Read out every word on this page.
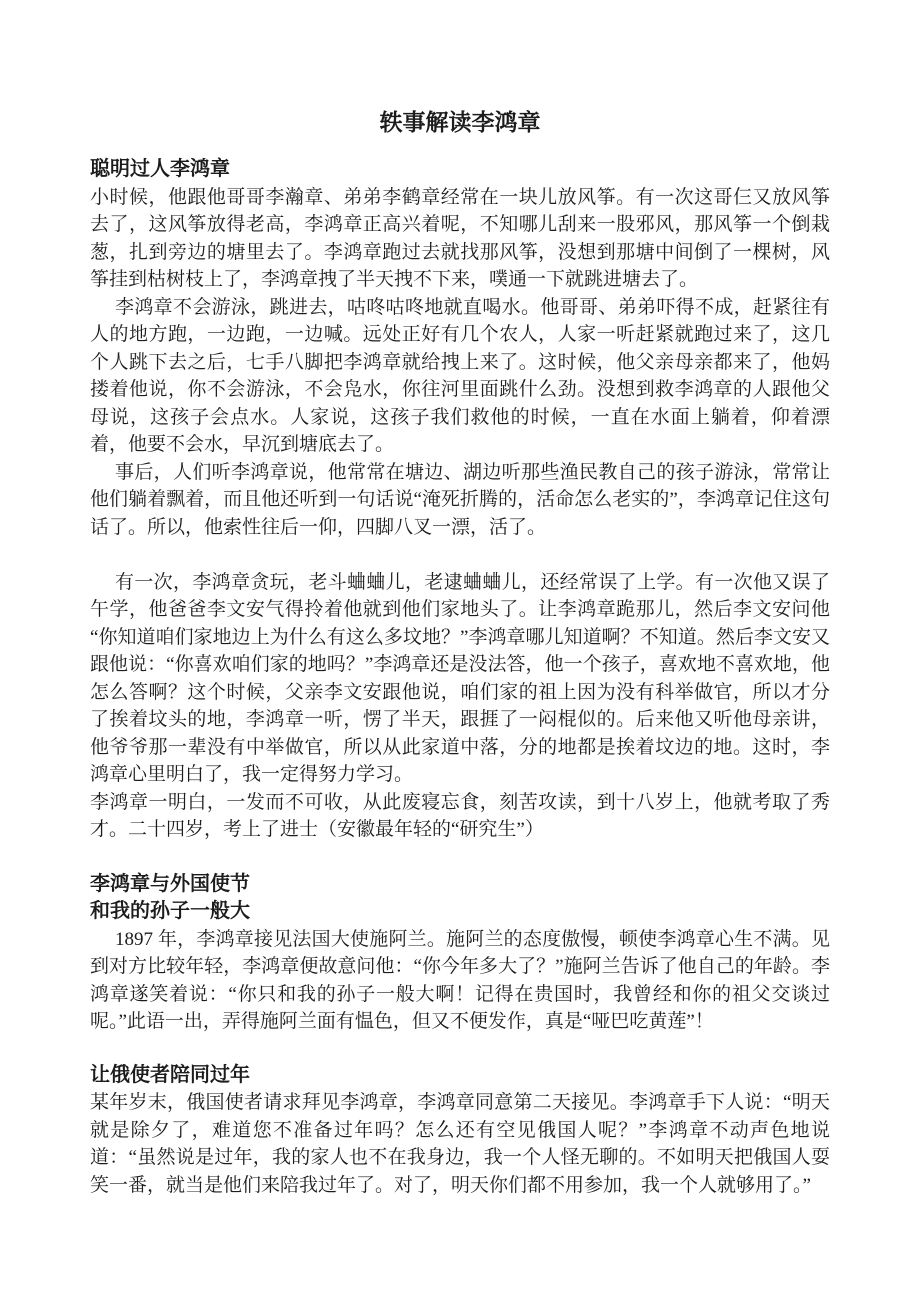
轶事解读李鸿章
聪明过人李鸿章

小时候，他跟他哥哥李瀚章、弟弟李鹤章经常在一块儿放风筝。有一次这哥仨又放风筝去了，这风筝放得老高，李鸿章正高兴着呢，不知哪儿刮来一股邪风，那风筝一个倒栽葱，扎到旁边的塘里去了。李鸿章跑过去就找那风筝，没想到那塘中间倒了一棵树，风筝挂到枯树枝上了，李鸿章拽了半天拽不下来，噗通一下就跳进塘去了。

李鸿章不会游泳，跳进去，咕咚咕咚地就直喝水。他哥哥、弟弟吓得不成，赶紧往有人的地方跑，一边跑，一边喊。远处正好有几个农人，人家一听赶紧就跑过来了，这几个人跳下去之后，七手八脚把李鸿章就给拽上来了。这时候，他父亲母亲都来了，他妈搂着他说，你不会游泳，不会凫水，你往河里面跳什么劲。没想到救李鸿章的人跟他父母说，这孩子会点水。人家说，这孩子我们救他的时候，一直在水面上躺着，仰着漂着，他要不会水，早沉到塘底去了。

事后，人们听李鸿章说，他常常在塘边、湖边听那些渔民教自己的孩子游泳，常常让他们躺着飘着，而且他还听到一句话说“淹死折腾的，活命怎么老实的”，李鸿章记住这句话了。所以，他索性往后一仰，四脚八叉一漂，活了。

有一次，李鸿章贪玩，老斗蛐蛐儿，老逮蛐蛐儿，还经常误了上学。有一次他又误了午学，他爸爸李文安气得拎着他就到他们家地头了。让李鸿章跪那儿，然后李文安问他 “你知道咱们家地边上为什么有这么多坟地？”李鸿章哪儿知道啊？不知道。然后李文安又跟他说：“你喜欢咱们家的地吗？”李鸿章还是没法答，他一个孩子，喜欢地不喜欢地，他怎么答啊？这个时候，父亲李文安跟他说，咱们家的祖上因为没有科举做官，所以才分了挨着坟头的地，李鸿章一听，愣了半天，跟捱了一闷棍似的。后来他又听他母亲讲，他爷爷那一辈没有中举做官，所以从此家道中落，分的地都是挨着坟边的地。这时，李鸿章心里明白了，我一定得努力学习。

李鸿章一明白，一发而不可收，从此废寝忘食，刻苦攻读，到十八岁上，他就考取了秀才。二十四岁，考上了进士（安徽最年轻的“研究生”）

李鸿章与外国使节
和我的孙子一般大

1897 年，李鸿章接见法国大使施阿兰。施阿兰的态度傲慢，顿使李鸿章心生不满。见到对方比较年轻，李鸿章便故意问他：“你今年多大了？”施阿兰告诉了他自己的年龄。李鸿章遂笑着说：“你只和我的孙子一般大啊！记得在贵国时，我曾经和你的祖父交谈过呢。”此语一出，弄得施阿兰面有愠色，但又不便发作，真是“哑巴吃黄莲”！

让俄使者陪同过年

某年岁末，俄国使者请求拜见李鸿章，李鸿章同意第二天接见。李鸿章手下人说：“明天就是除夕了，难道您不准备过年吗？怎么还有空见俄国人呢？”李鸿章不动声色地说道：“虽然说是过年，我的家人也不在我身边，我一个人怪无聊的。不如明天把俄国人耍笑一番，就当是他们来陪我过年了。对了，明天你们都不用参加，我一个人就够用了。”
